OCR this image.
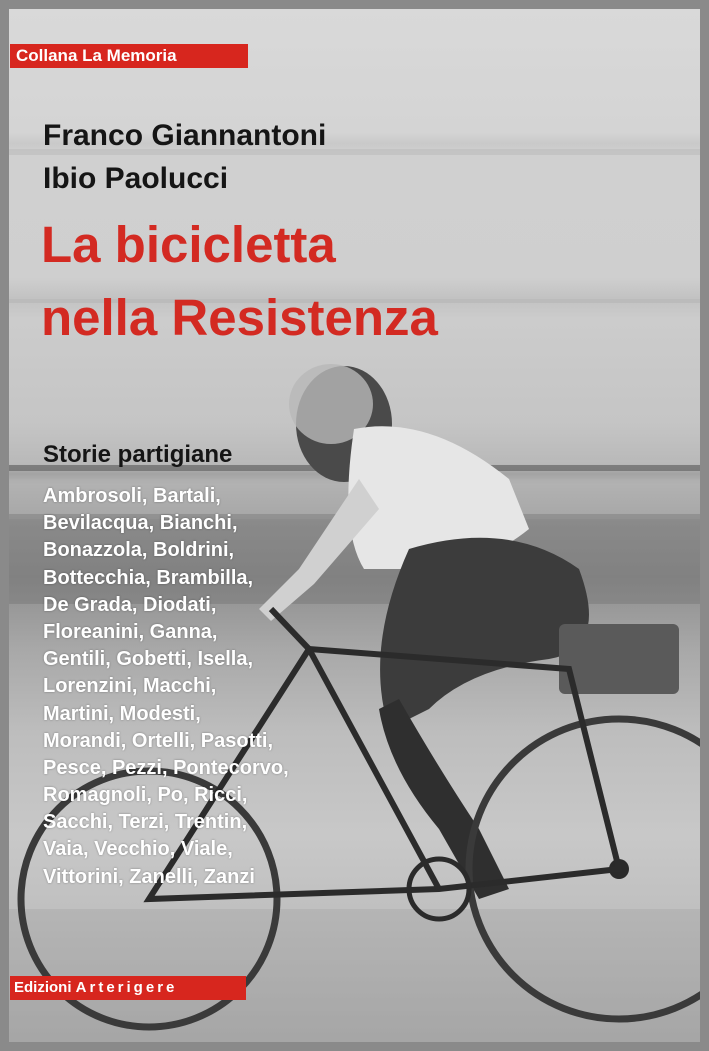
Collana La Memoria
Franco Giannantoni
Ibio Paolucci
La bicicletta
nella Resistenza
Storie partigiane
Ambrosoli, Bartali,
Bevilacqua, Bianchi,
Bonazzola, Boldrini,
Bottecchia, Brambilla,
De Grada, Diodati,
Floreanini, Ganna,
Gentili, Gobetti, Isella,
Lorenzini, Macchi,
Martini, Modesti,
Morandi, Ortelli, Pasotti,
Pesce, Pezzi, Pontecorvo,
Romagnoli, Po, Ricci,
Sacchi, Terzi, Trentin,
Vaia, Vecchio, Viale,
Vittorini, Zanelli, Zanzi
Edizioni Arterigere
